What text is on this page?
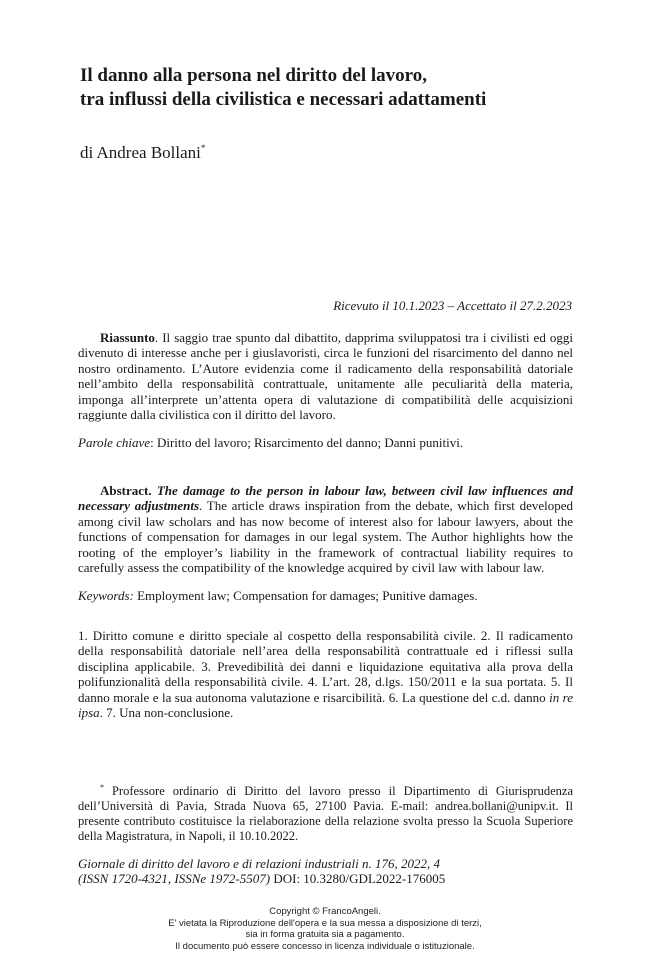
Il danno alla persona nel diritto del lavoro,
tra influssi della civilistica e necessari adattamenti
di Andrea Bollani*
Ricevuto il 10.1.2023 – Accettato il 27.2.2023

Riassunto. Il saggio trae spunto dal dibattito, dapprima sviluppatosi tra i civilisti ed oggi divenuto di interesse anche per i giuslavoristi, circa le funzioni del risarcimento del danno nel nostro ordinamento. L’Autore evidenzia come il radicamento della responsabilità datoriale nell’ambito della responsabilità contrattuale, unitamente alle peculiarità della materia, imponga all’interprete un’attenta opera di valutazione di compatibilità delle acquisizioni raggiunte dalla civilistica con il diritto del lavoro.

Parole chiave: Diritto del lavoro; Risarcimento del danno; Danni punitivi.

Abstract. The damage to the person in labour law, between civil law influences and necessary adjustments. The article draws inspiration from the debate, which first developed among civil law scholars and has now become of interest also for labour lawyers, about the functions of compensation for damages in our legal system. The Author highlights how the rooting of the employer’s liability in the framework of contractual liability requires to carefully assess the compatibility of the knowledge acquired by civil law with labour law.

Keywords: Employment law; Compensation for damages; Punitive damages.

1. Diritto comune e diritto speciale al cospetto della responsabilità civile. 2. Il radicamento della responsabilità datoriale nell’area della responsabilità contrattuale ed i riflessi sulla disciplina applicabile. 3. Prevedibilità dei danni e liquidazione equitativa alla prova della polifunzionalità della responsabilità civile. 4. L’art. 28, d.lgs. 150/2011 e la sua portata. 5. Il danno morale e la sua autonoma valutazione e risarcibilità. 6. La questione del c.d. danno in re ipsa. 7. Una non-conclusione.

* Professore ordinario di Diritto del lavoro presso il Dipartimento di Giurisprudenza dell’Università di Pavia, Strada Nuova 65, 27100 Pavia. E-mail: andrea.bollani@unipv.it. Il presente contributo costituisce la rielaborazione della relazione svolta presso la Scuola Superiore della Magistratura, in Napoli, il 10.10.2022.

Giornale di diritto del lavoro e di relazioni industriali n. 176, 2022, 4
(ISSN 1720-4321, ISSNe 1972-5507) DOI: 10.3280/GDL2022-176005

Copyright © FrancoAngeli.
E' vietata la Riproduzione dell'opera e la sua messa a disposizione di terzi,
sia in forma gratuita sia a pagamento.
Il documento può essere concesso in licenza individuale o istituzionale.
